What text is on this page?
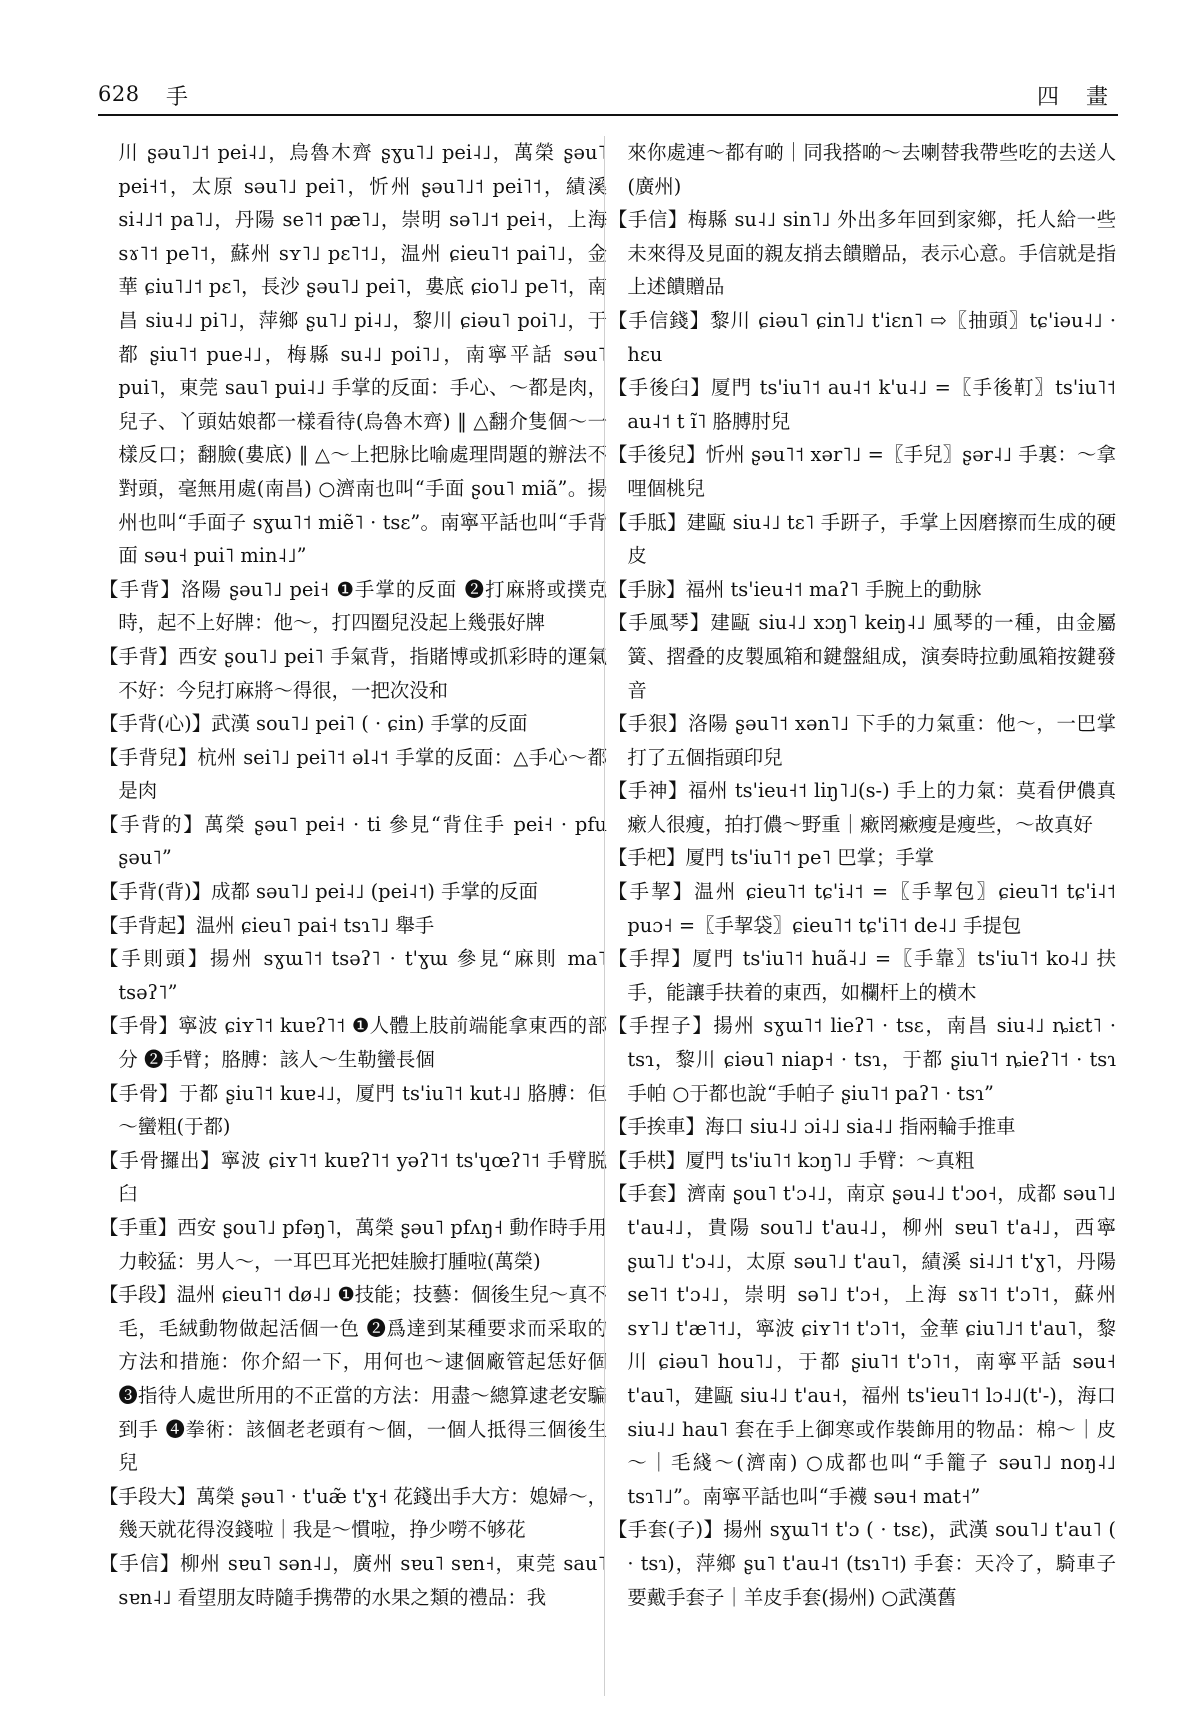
628 手	四 畫

川 ʂəu˥˩˦ pei˨˩，烏魯木齊 ʂɣu˥˩ pei˨˩，萬榮 ʂəu˥ pei˧˦，太原 səu˥˩ pei˥，忻州 ʂəu˥˩˦ pei˥˦，績溪 si˨˩˦ pa˥˩，丹陽 se˥˦ pæ˥˩，崇明 sə˥˩˦ pei˧，上海 sɤ˥˦ pe˥˦，蘇州 sʏ˥˩ pɛ˥˦˩，温州 ɕieu˥˦ pai˥˩，金華 ɕiu˥˩˦ pɛ˥，長沙 ʂəu˥˩ pei˥，婁底 ɕio˥˩ pe˥˦，南昌 siu˨˩ pi˥˩，萍鄉 ʂu˥˩ pi˨˩，黎川 ɕiəu˥ poi˥˩，于都 ʂiu˥˦ pue˨˩，梅縣 su˨˩ poi˥˩，南寧平話 səu˥ pui˥，東莞 sau˥ pui˨˩ 手掌的反面：手心、～都是肉，兒子、丫頭姑娘都一樣看待(烏魯木齊) ‖ △翻介隻個～一樣反口；翻臉(婁底) ‖ △～上把脉比喻處理問題的辦法不對頭，毫無用處(南昌) ○濟南也叫“手面 ʂou˥ miã”。揚州也叫“手面子 sɣɯ˥˦ miẽ˥ · tsɛ”。南寧平話也叫“手背面 səu˧ pui˥ min˨˩”

【手背】洛陽 ʂəu˥˩ pei˧ ❶手掌的反面 ❷打麻將或撲克時，起不上好牌：他～，打四圈兒没起上幾張好牌

【手背】西安 ʂou˥˩ pei˥ 手氣背，指賭博或抓彩時的運氣不好：今兒打麻將～得很，一把次没和

【手背(心)】武漢 sou˥˩ pei˥ ( · ɕin) 手掌的反面

【手背兒】杭州 sei˥˩ pei˥˦ əl˨˦ 手掌的反面：△手心～都是肉

【手背的】萬榮 ʂəu˥ pei˧ · ti 參見“背住手 pei˧ · pfu ʂəu˥”

【手背(背)】成都 səu˥˩ pei˨˩ (pei˨˦) 手掌的反面

【手背起】温州 ɕieu˥ pai˧ tsɿ˥˩ 舉手

【手則頭】揚州 sɣɯ˥˦ tsəʔ˥ · t'ɣɯ 參見“麻則 ma˥ tsəʔ˥”

【手骨】寧波 ɕiʏ˥˦ kuɐʔ˥˦ ❶人體上肢前端能拿東西的部分 ❷手臂；胳膊：該人～生勒蠻長個

【手骨】于都 ʂiu˥˦ kuɐ˨˩，厦門 ts'iu˥˦ kut˨˩ 胳膊：佢～蠻粗(于都)

【手骨攞出】寧波 ɕiʏ˥˦ kuɐʔ˥˦ yəʔ˥˦ ts'ɥœʔ˥˦ 手臂脱臼

【手重】西安 ʂou˥˩ pfəŋ˥，萬榮 ʂəu˥ pfʌŋ˧ 動作時手用力較猛：男人～，一耳巴耳光把娃臉打腫啦(萬榮)

【手段】温州 ɕieu˥˦ dø˨˩ ❶技能；技藝：個後生兒～真不毛，毛絨動物做起活個一色 ❷爲達到某種要求而采取的方法和措施：你介紹一下，用何也～逮個廠管起恁好個 ❸指待人處世所用的不正當的方法：用盡～總算逮老安騙到手 ❹拳術：該個老老頭有～個，一個人抵得三個後生兒

【手段大】萬榮 ʂəu˥ · t'uæ̃ t'ɣ˧ 花錢出手大方：媳婦～，幾天就花得沒錢啦｜我是～慣啦，挣少嘮不够花

【手信】柳州 sɐu˥ sən˨˩，廣州 sɐu˥ sɐn˧，東莞 sau˥ sɐn˨˩ 看望朋友時隨手携帶的水果之類的禮品：我

來你處連～都有啲｜同我搭啲～去喇替我帶些吃的去送人(廣州)

【手信】梅縣 su˨˩ sin˥˩ 外出多年回到家鄉，托人給一些未來得及見面的親友捎去饋贈品，表示心意。手信就是指上述饋贈品

【手信錢】黎川 ɕiəu˥ ɕin˥˩ t'iɛn˥ ⇨〖抽頭〗tɕ'iəu˨˩ · hɛu

【手後臼】厦門 ts'iu˥˦ au˨˦ k'u˨˩ =〖手後靪〗ts'iu˥˦ au˨˦ t ĩ˥ 胳膊肘兒

【手後兒】忻州 ʂəu˥˦ xər˥˩ =〖手兒〗ʂər˨˩ 手裏：～拿哩個桃兒

【手胝】建甌 siu˨˩ tɛ˥ 手趼子，手掌上因磨擦而生成的硬皮

【手脉】福州 ts'ieu˧˦ maʔ˥ 手腕上的動脉

【手風琴】建甌 siu˨˩ xɔŋ˥ keiŋ˨˩ 風琴的一種，由金屬簧、摺叠的皮製風箱和鍵盤組成，演奏時拉動風箱按鍵發音

【手狠】洛陽 ʂəu˥˦ xən˥˩ 下手的力氣重：他～，一巴掌打了五個指頭印兒

【手神】福州 ts'ieu˧˦ liŋ˥˩(s-) 手上的力氣：莫看伊儂真瘶人很瘦，拍打儂～野重｜瘶罔瘶瘦是瘦些，～故真好

【手杷】厦門 ts'iu˥˦ pe˥ 巴掌；手掌

【手挈】温州 ɕieu˥˦ tɕ'i˨˦ =〖手挈包〗ɕieu˥˦ tɕ'i˨˦ puɔ˧ =〖手挈袋〗ɕieu˥˦ tɕ'i˥˦ de˨˩ 手提包

【手捍】厦門 ts'iu˥˦ huã˨˩ =〖手靠〗ts'iu˥˦ ko˨˩ 扶手，能讓手扶着的東西，如欄杆上的横木

【手捏子】揚州 sɣɯ˥˦ lieʔ˥ · tsɛ，南昌 siu˨˩ ȵiɛt˥ · tsɿ，黎川 ɕiəu˥ niap˧ · tsɿ，于都 ʂiu˥˦ ȵieʔ˥˦ · tsɿ 手帕 ○于都也說“手帕子 ʂiu˥˦ paʔ˥ · tsɿ”

【手挨車】海口 siu˨˩ ɔi˨˩ sia˨˩ 指兩輪手推車

【手栱】厦門 ts'iu˥˦ kɔŋ˥˩ 手臂：～真粗

【手套】濟南 ʂou˥ t'ɔ˨˩，南京 ʂəu˨˩ t'ɔo˧，成都 səu˥˩ t'au˨˩，貴陽 sou˥˩ t'au˨˩，柳州 sɐu˥ t'a˨˩，西寧 ʂɯ˥˩ t'ɔ˨˩，太原 səu˥˩ t'au˥，績溪 si˨˩˦ t'ɣ˥，丹陽 se˥˦ t'ɔ˨˩，崇明 sə˥˩ t'ɔ˧，上海 sɤ˥˦ t'ɔ˥˦，蘇州 sʏ˥˩ t'æ˥˦˩，寧波 ɕiʏ˥˦ t'ɔ˥˦，金華 ɕiu˥˩˦ t'au˥，黎川 ɕiəu˥ hou˥˩，于都 ʂiu˥˦ t'ɔ˥˦，南寧平話 səu˧ t'au˥，建甌 siu˨˩ t'au˧，福州 ts'ieu˥˦ lɔ˨˩(t'-)，海口 siu˨˩ hau˥ 套在手上御寒或作裝飾用的物品：棉～｜皮～｜毛綫～(濟南) ○成都也叫“手籠子 səu˥˩ noŋ˨˩ tsɿ˥˩”。南寧平話也叫“手襪 səu˧ mat˧”

【手套(子)】揚州 sɣɯ˥˦ t'ɔ ( · tsɛ)，武漢 sou˥˩ t'au˥ ( · tsɿ)，萍鄉 ʂu˥ t'au˨˦ (tsɿ˥˦) 手套：天冷了，騎車子要戴手套子｜羊皮手套(揚州) ○武漢舊
